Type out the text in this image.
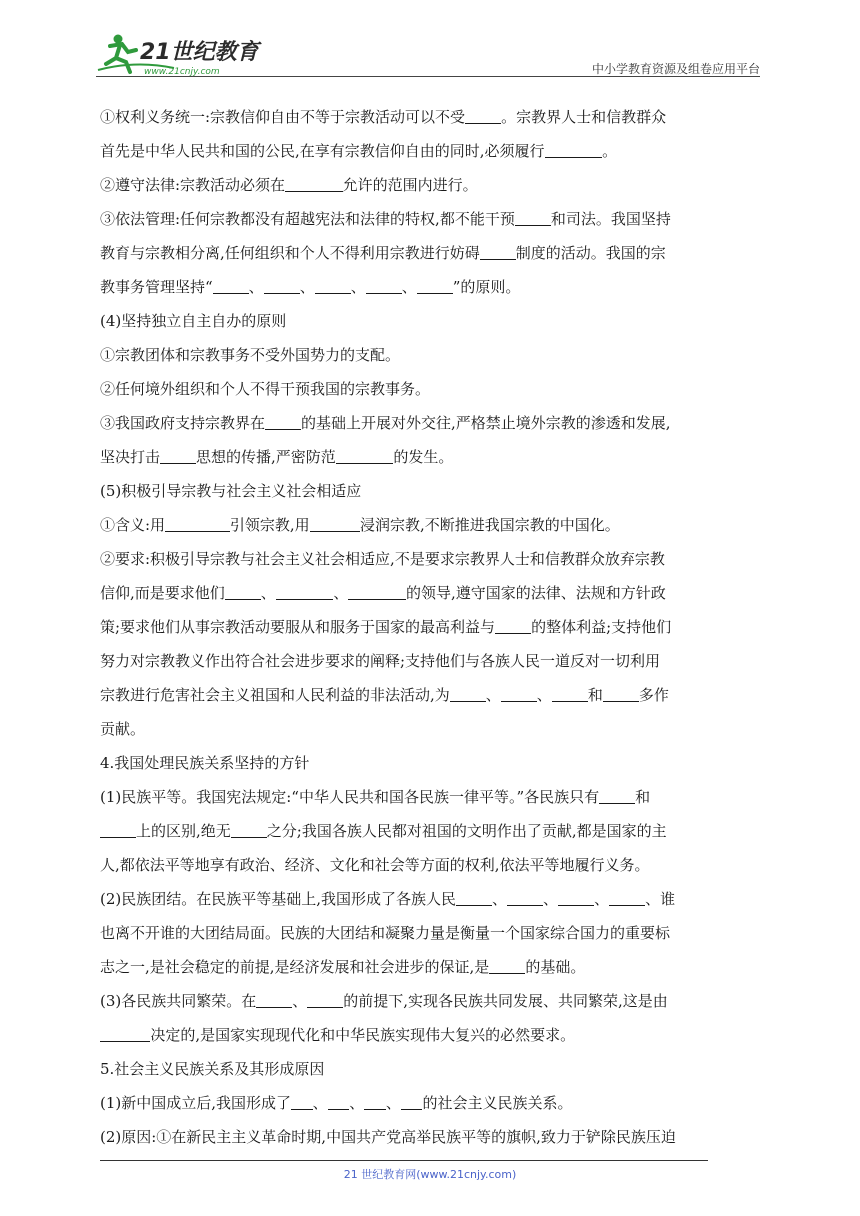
21世纪教育
www.21cnjy.com	中小学教育资源及组卷应用平台
①权利义务统一:宗教信仰自由不等于宗教活动可以不受 。宗教界人士和信教群众
首先是中华人民共和国的公民,在享有宗教信仰自由的同时,必须履行	。
②遵守法律:宗教活动必须在	允许的范围内进行。
③依法管理:任何宗教都没有超越宪法和法律的特权,都不能干预 和司法。我国坚持
教育与宗教相分离,任何组织和个人不得利用宗教进行妨碍 制度的活动。我国的宗
教事务管理坚持“ 、 、 、 、 ”的原则。
(4)坚持独立自主自办的原则
①宗教团体和宗教事务不受外国势力的支配。
②任何境外组织和个人不得干预我国的宗教事务。
③我国政府支持宗教界在 的基础上开展对外交往,严格禁止境外宗教的渗透和发展,
坚决打击 思想的传播,严密防范	的发生。
(5)积极引导宗教与社会主义社会相适应
①含义:用	引领宗教,用	浸润宗教,不断推进我国宗教的中国化。
②要求:积极引导宗教与社会主义社会相适应,不是要求宗教界人士和信教群众放弃宗教
信仰,而是要求他们 、	、	的领导,遵守国家的法律、法规和方针政
策;要求他们从事宗教活动要服从和服务于国家的最高利益与 的整体利益;支持他们
努力对宗教教义作出符合社会进步要求的阐释;支持他们与各族人民一道反对一切利用
宗教进行危害社会主义祖国和人民利益的非法活动,为 、 、 和 多作
贡献。
4.我国处理民族关系坚持的方针
(1)民族平等。我国宪法规定:“中华人民共和国各民族一律平等。”各民族只有 和
上的区别,绝无 之分;我国各族人民都对祖国的文明作出了贡献,都是国家的主
人,都依法平等地享有政治、经济、文化和社会等方面的权利,依法平等地履行义务。
(2)民族团结。在民族平等基础上,我国形成了各族人民 、 、 、 、谁
也离不开谁的大团结局面。民族的大团结和凝聚力量是衡量一个国家综合国力的重要标
志之一,是社会稳定的前提,是经济发展和社会进步的保证,是 的基础。
(3)各民族共同繁荣。在 、 的前提下,实现各民族共同发展、共同繁荣,这是由
决定的,是国家实现现代化和中华民族实现伟大复兴的必然要求。
5.社会主义民族关系及其形成原因
(1)新中国成立后,我国形成了 、 、 、 的社会主义民族关系。
(2)原因:①在新民主主义革命时期,中国共产党高举民族平等的旗帜,致力于铲除民族压迫
21 世纪教育网(www.21cnjy.com)
